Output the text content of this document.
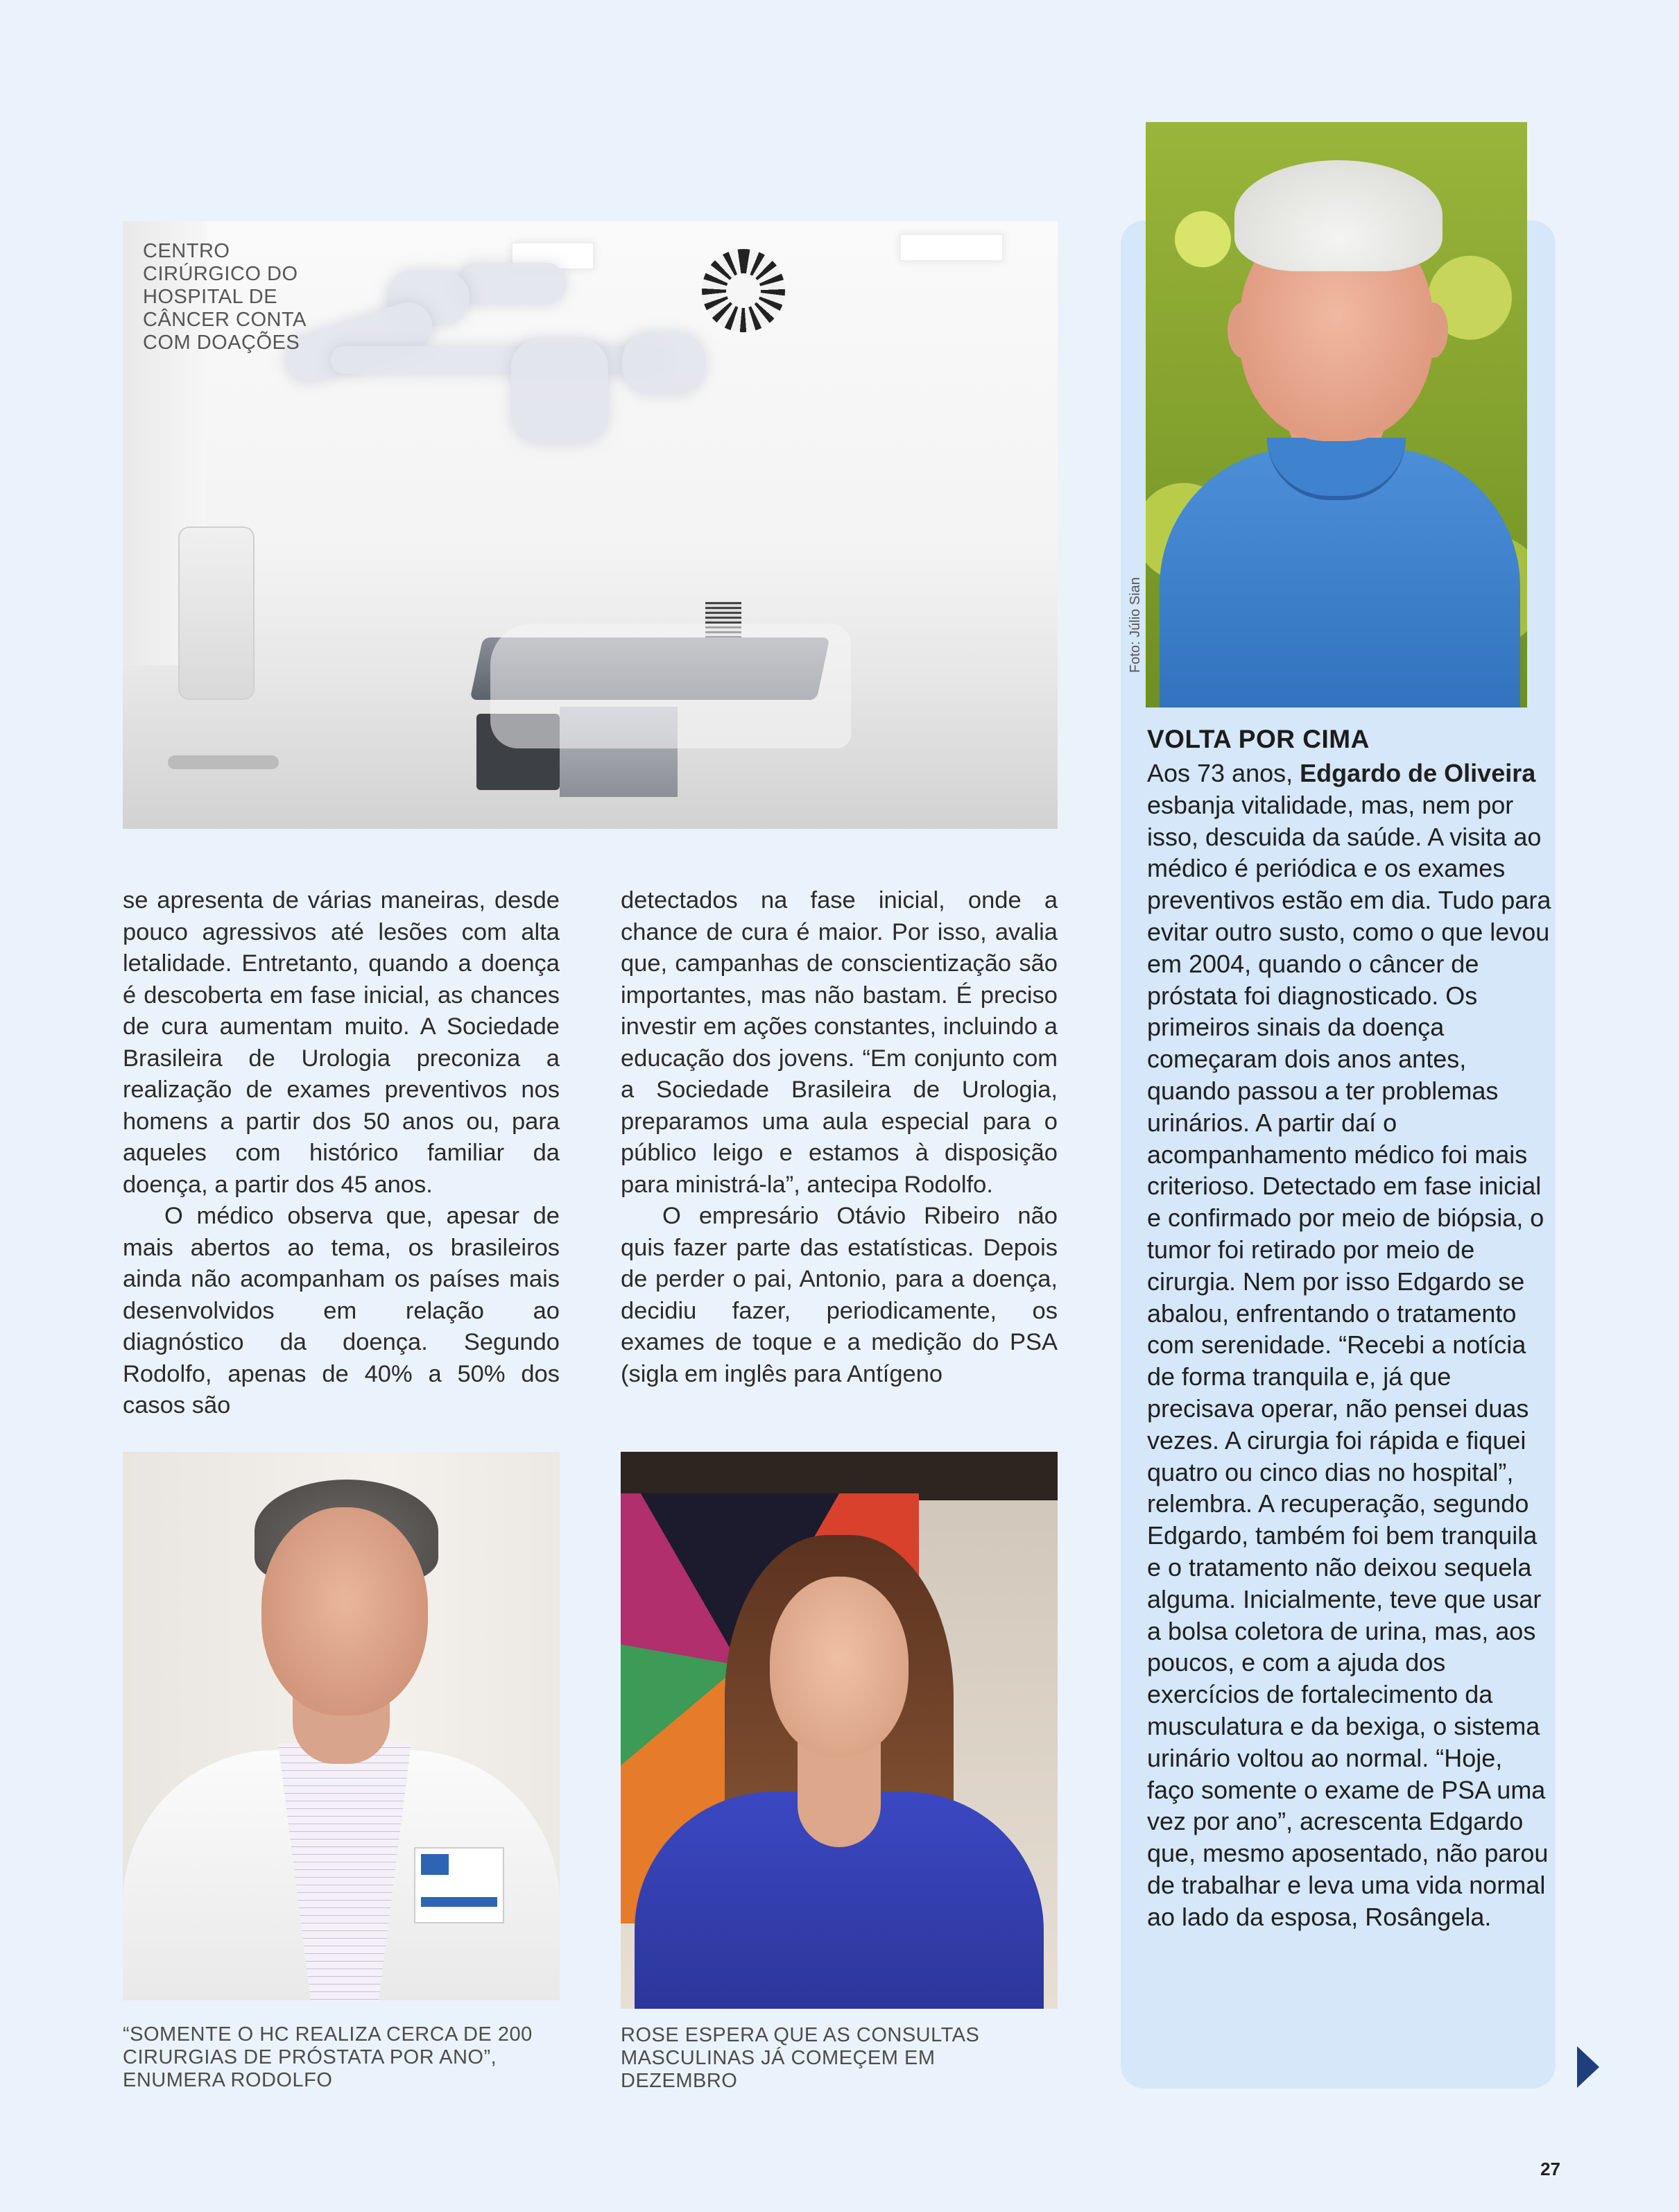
CENTRO CIRÚRGICO DO HOSPITAL DE CÂNCER CONTA COM DOAÇÕES

se apresenta de várias maneiras, desde pouco agressivos até lesões com alta letalidade. Entretanto, quando a doença é descoberta em fase inicial, as chances de cura aumentam muito. A Sociedade Brasileira de Urologia preconiza a realização de exames preventivos nos homens a partir dos 50 anos ou, para aqueles com histórico familiar da doença, a partir dos 45 anos.

O médico observa que, apesar de mais abertos ao tema, os brasileiros ainda não acompanham os países mais desenvolvidos em relação ao diagnóstico da doença. Segundo Rodolfo, apenas de 40% a 50% dos casos são

detectados na fase inicial, onde a chance de cura é maior. Por isso, avalia que, campanhas de conscientização são importantes, mas não bastam. É preciso investir em ações constantes, incluindo a educação dos jovens. “Em conjunto com a Sociedade Brasileira de Urologia, preparamos uma aula especial para o público leigo e estamos à disposição para ministrá-la”, antecipa Rodolfo.

O empresário Otávio Ribeiro não quis fazer parte das estatísticas. Depois de perder o pai, Antonio, para a doença, decidiu fazer, periodicamente, os exames de toque e a medição do PSA (sigla em inglês para Antígeno

“SOMENTE O HC REALIZA CERCA DE 200 CIRURGIAS DE PRÓSTATA POR ANO”, ENUMERA RODOLFO
ROSE ESPERA QUE AS CONSULTAS MASCULINAS JÁ COMEÇEM EM DEZEMBRO
Foto: Júlio Sian
VOLTA POR CIMA
Aos 73 anos, Edgardo de Oliveira esbanja vitalidade, mas, nem por isso, descuida da saúde. A visita ao médico é periódica e os exames preventivos estão em dia. Tudo para evitar outro susto, como o que levou em 2004, quando o câncer de próstata foi diagnosticado. Os primeiros sinais da doença começaram dois anos antes, quando passou a ter problemas urinários. A partir daí o acompanhamento médico foi mais criterioso. Detectado em fase inicial e confirmado por meio de biópsia, o tumor foi retirado por meio de cirurgia. Nem por isso Edgardo se abalou, enfrentando o tratamento com serenidade. “Recebi a notícia de forma tranquila e, já que precisava operar, não pensei duas vezes. A cirurgia foi rápida e fiquei quatro ou cinco dias no hospital”, relembra. A recuperação, segundo Edgardo, também foi bem tranquila e o tratamento não deixou sequela alguma. Inicialmente, teve que usar a bolsa coletora de urina, mas, aos poucos, e com a ajuda dos exercícios de fortalecimento da musculatura e da bexiga, o sistema urinário voltou ao normal. “Hoje, faço somente o exame de PSA uma vez por ano”, acrescenta Edgardo que, mesmo aposentado, não parou de trabalhar e leva uma vida normal ao lado da esposa, Rosângela.
27
